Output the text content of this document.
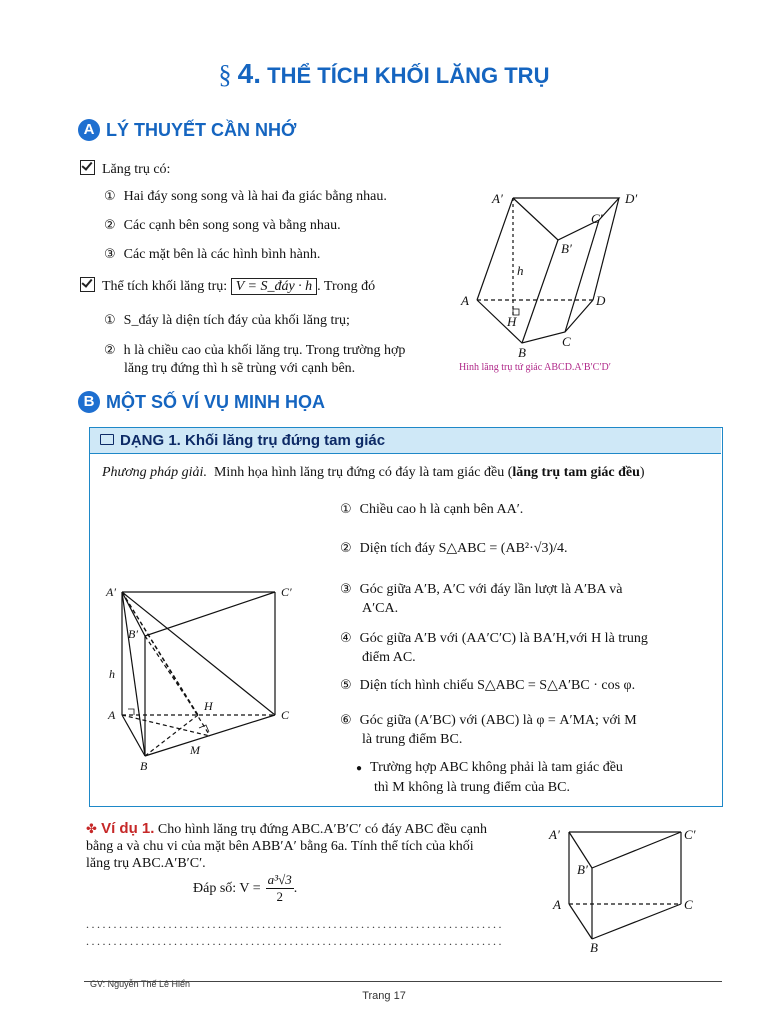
§ 4. THỂ TÍCH KHỐI LĂNG TRỤ
A LÝ THUYẾT CẦN NHỚ
Lăng trụ có:
① Hai đáy song song và là hai đa giác bằng nhau.
② Các cạnh bên song song và bằng nhau.
③ Các mặt bên là các hình bình hành.
Thể tích khối lăng trụ: V = S_đáy · h . Trong đó
① S_đáy là diện tích đáy của khối lăng trụ;
② h là chiều cao của khối lăng trụ. Trong trường hợp
lăng trụ đứng thì h sẽ trùng với cạnh bên.
A′	D′
C′
B′
h
A	D
H
C
B
Hình lăng trụ tứ giác ABCD.A′B′C′D′
B MỘT SỐ VÍ VỤ MINH HỌA
DẠNG 1. Khối lăng trụ đứng tam giác
Phương pháp giải. Minh họa hình lăng trụ đứng có đáy là tam giác đều (lăng trụ tam giác đều)
A′	C′
B′
h
A
H
C
M
B
① Chiều cao h là cạnh bên AA′.
② Diện tích đáy S△ABC = (AB²·√3)/4.
③ Góc giữa A′B, A′C với đáy lần lượt là A′BA và
A′CA.
④ Góc giữa A′B với (AA′C′C) là BA′H,với H là trung
điểm AC.
⑤ Diện tích hình chiếu S△ABC = S△A′BC · cos φ.
⑥ Góc giữa (A′BC) với (ABC) là φ = A′MA; với M
là trung điểm BC.
● Trường hợp ABC không phải là tam giác đều
thì M không là trung điểm của BC.
✤ Ví dụ 1. Cho hình lăng trụ đứng ABC.A′B′C′ có đáy ABC đều cạnh
bằng a và chu vi của mặt bên ABB′A′ bằng 6a. Tính thể tích của khối
lăng trụ ABC.A′B′C′.
Đáp số: $V = \frac{\text{a³√3}}{2}$ .
............................................................................
............................................................................
A′	C′
B′
A	C
B
GV: Nguyễn Thế Lê Hiển
Trang 17
